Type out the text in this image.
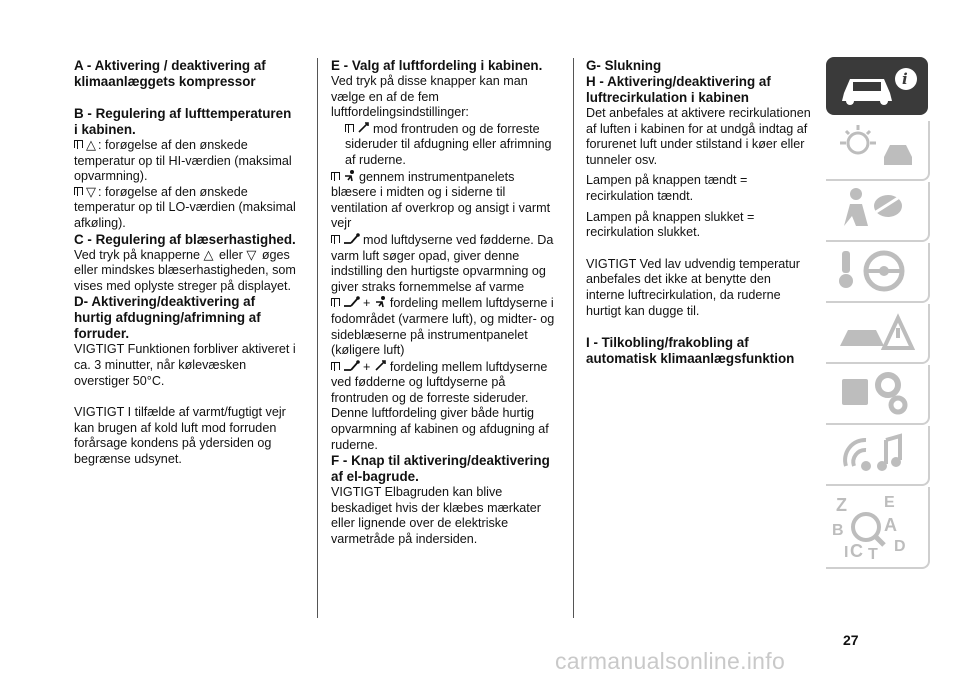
A - Aktivering / deaktivering af klimaanlæggets kompressor

B - Regulering af lufttemperaturen i kabinen.

△ : forøgelse af den ønskede temperatur op til HI-værdien (maksimal opvarmning).

▽ : forøgelse af den ønskede temperatur op til LO-værdien (maksimal afkøling).

C - Regulering af blæserhastighed.

Ved tryk på knapperne △ eller ▽ øges eller mindskes blæserhastigheden, som vises med oplyste streger på displayet.

D- Aktivering/deaktivering af hurtig afdugning/afrimning af forruder.

VIGTIGT Funktionen forbliver aktiveret i ca. 3 minutter, når kølevæsken overstiger 50°C.

VIGTIGT I tilfælde af varmt/fugtigt vejr kan brugen af kold luft mod forruden forårsage kondens på ydersiden og begrænse udsynet.

E - Valg af luftfordeling i kabinen.

Ved tryk på disse knapper kan man vælge en af de fem luftfordelingsindstillinger:

mod frontruden og de forreste sideruder til afdugning eller afrimning af ruderne.

gennem instrumentpanelets blæsere i midten og i siderne til ventilation af overkrop og ansigt i varmt vejr

mod luftdyserne ved fødderne. Da varm luft søger opad, giver denne indstilling den hurtigste opvarmning og giver straks fornemmelse af varme

+ fordeling mellem luftdyserne i fodområdet (varmere luft), og midter- og sideblæserne på instrumentpanelet (køligere luft)

+ fordeling mellem luftdyserne ved fødderne og luftdyserne på frontruden og de forreste sideruder. Denne luftfordeling giver både hurtig opvarmning af kabinen og afdugning af ruderne.

F - Knap til aktivering/deaktivering af el-bagrude.

VIGTIGT Elbagruden kan blive beskadiget hvis der klæbes mærkater eller lignende over de elektriske varmetråde på indersiden.

G- Slukning

H - Aktivering/deaktivering af luftrecirkulation i kabinen

Det anbefales at aktivere recirkulationen af luften i kabinen for at undgå indtag af forurenet luft under stilstand i køer eller tunneler osv.

Lampen på knappen tændt = recirkulation tændt.

Lampen på knappen slukket = recirkulation slukket.

VIGTIGT Ved lav udvendig temperatur anbefales det ikke at benytte den interne luftrecirkulation, da ruderne hurtigt kan dugge til.

I - Tilkobling/frakobling af automatisk klimaanlægsfunktion

i
Z E
B A
I C T D
27
carmanualsonline.info
